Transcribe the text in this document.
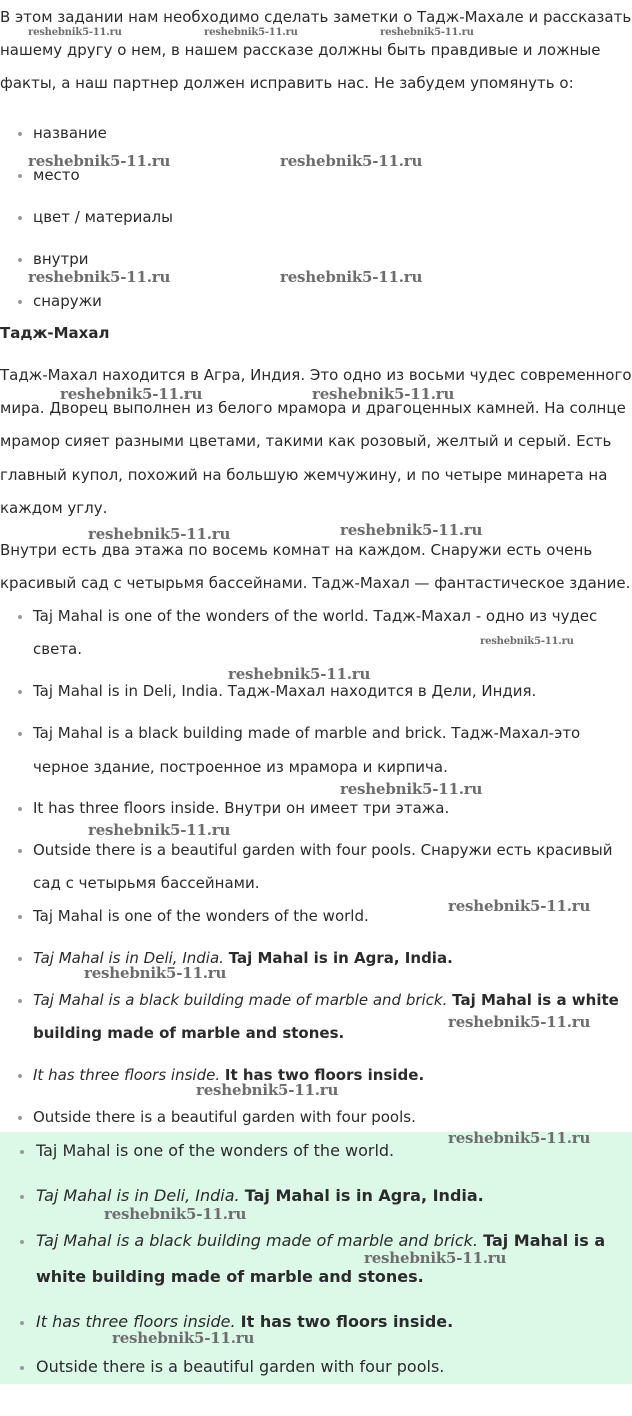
В этом задании нам необходимо сделать заметки о Тадж-Махале и рассказать
нашему другу о нем, в нашем рассказе должны быть правдивые и ложные
факты, а наш партнер должен исправить нас. Не забудем упомянуть о:
название
место
цвет / материалы
внутри
снаружи
Тадж-Махал
Тадж-Махал находится в Агра, Индия. Это одно из восьми чудес современного
мира. Дворец выполнен из белого мрамора и драгоценных камней. На солнце
мрамор сияет разными цветами, такими как розовый, желтый и серый. Есть
главный купол, похожий на большую жемчужину, и по четыре минарета на
каждом углу.
Внутри есть два этажа по восемь комнат на каждом. Снаружи есть очень
красивый сад с четырьмя бассейнами. Тадж-Махал — фантастическое здание.
Taj Mahal is one of the wonders of the world. Тадж-Махал - одно из чудес
света.
Taj Mahal is in Deli, India. Тадж-Махал находится в Дели, Индия.
Taj Mahal is a black building made of marble and brick. Тадж-Махал-это
черное здание, построенное из мрамора и кирпича.
It has three floors inside. Внутри он имеет три этажа.
Outside there is a beautiful garden with four pools. Снаружи есть красивый
сад с четырьмя бассейнами.
Taj Mahal is one of the wonders of the world.
Taj Mahal is in Deli, India. Taj Mahal is in Agra, India.
Taj Mahal is a black building made of marble and brick. Taj Mahal is a white
building made of marble and stones.
It has three floors inside. It has two floors inside.
Outside there is a beautiful garden with four pools.
Taj Mahal is one of the wonders of the world.
Taj Mahal is in Deli, India. Taj Mahal is in Agra, India.
Taj Mahal is a black building made of marble and brick. Taj Mahal is a
white building made of marble and stones.
It has three floors inside. It has two floors inside.
Outside there is a beautiful garden with four pools.
reshebnik5-11.ru	reshebnik5-11.ru	reshebnik5-11.ru
reshebnik5-11.ru	reshebnik5-11.ru
reshebnik5-11.ru	reshebnik5-11.ru
reshebnik5-11.ru	reshebnik5-11.ru
reshebnik5-11.ru	reshebnik5-11.ru
reshebnik5-11.ru
reshebnik5-11.ru
reshebnik5-11.ru
reshebnik5-11.ru
reshebnik5-11.ru
reshebnik5-11.ru
reshebnik5-11.ru
reshebnik5-11.ru
reshebnik5-11.ru
reshebnik5-11.ru
reshebnik5-11.ru
reshebnik5-11.ru
